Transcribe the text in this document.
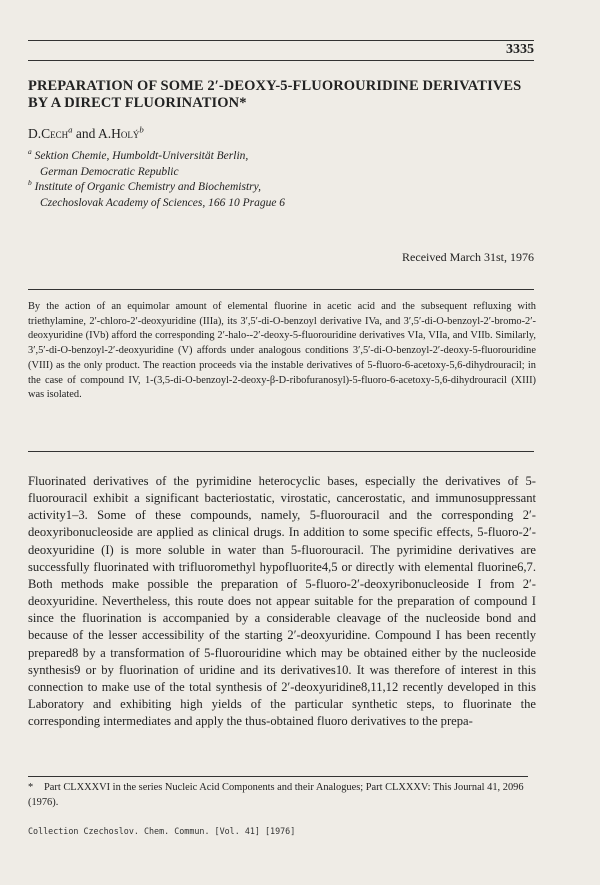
3335
PREPARATION OF SOME 2′-DEOXY-5-FLUOROURIDINE DERIVATIVES
BY A DIRECT FLUORINATION*
D.Cech$^a$ and A.Holý$^b$
$^a$ Sektion Chemie, Humboldt-Universität Berlin,
German Democratic Republic
$^b$ Institute of Organic Chemistry and Biochemistry,
Czechoslovak Academy of Sciences, 166 10 Prague 6
Received March 31st, 1976
By the action of an equimolar amount of elemental fluorine in acetic acid and the subsequent refluxing with triethylamine, 2′-chloro-2′-deoxyuridine (IIIa), its 3′,5′-di-O-benzoyl derivative IVa, and 3′,5′-di-O-benzoyl-2′-bromo-2′-deoxyuridine (IVb) afford the corresponding 2′-halo--2′-deoxy-5-fluorouridine derivatives VIa, VIIa, and VIIb. Similarly, 3′,5′-di-O-benzoyl-2′-deoxyuridine (V) affords under analogous conditions 3′,5′-di-O-benzoyl-2′-deoxy-5-fluorouridine (VIII) as the only product. The reaction proceeds via the instable derivatives of 5-fluoro-6-acetoxy-5,6-dihydrouracil; in the case of compound IV, 1-(3,5-di-O-benzoyl-2-deoxy-β-D-ribofuranosyl)-5-fluoro-6-acetoxy-5,6-dihydrouracil (XIII) was isolated.

Fluorinated derivatives of the pyrimidine heterocyclic bases, especially the derivatives of 5-fluorouracil exhibit a significant bacteriostatic, virostatic, cancerostatic, and immunosuppressant activity1–3. Some of these compounds, namely, 5-fluorouracil and the corresponding 2′-deoxyribonucleoside are applied as clinical drugs. In addition to some specific effects, 5-fluoro-2′-deoxyuridine (I) is more soluble in water than 5-fluorouracil. The pyrimidine derivatives are successfully fluorinated with trifluoromethyl hypofluorite4,5 or directly with elemental fluorine6,7. Both methods make possible the preparation of 5-fluoro-2′-deoxyribonucleoside I from 2′-deoxyuridine. Nevertheless, this route does not appear suitable for the preparation of compound I since the fluorination is accompanied by a considerable cleavage of the nucleoside bond and because of the lesser accessibility of the starting 2′-deoxyuridine. Compound I has been recently prepared8 by a transformation of 5-fluorouridine which may be obtained either by the nucleoside synthesis9 or by fluorination of uridine and its derivatives10. It was therefore of interest in this connection to make use of the total synthesis of 2′-deoxyuridine8,11,12 recently developed in this Laboratory and exhibiting high yields of the particular synthetic steps, to fluorinate the corresponding intermediates and apply the thus-obtained fluoro derivatives to the prepa-

* Part CLXXXVI in the series Nucleic Acid Components and their Analogues; Part CLXXXV: This Journal 41, 2096 (1976).
Collection Czechoslov. Chem. Commun. [Vol. 41] [1976]
